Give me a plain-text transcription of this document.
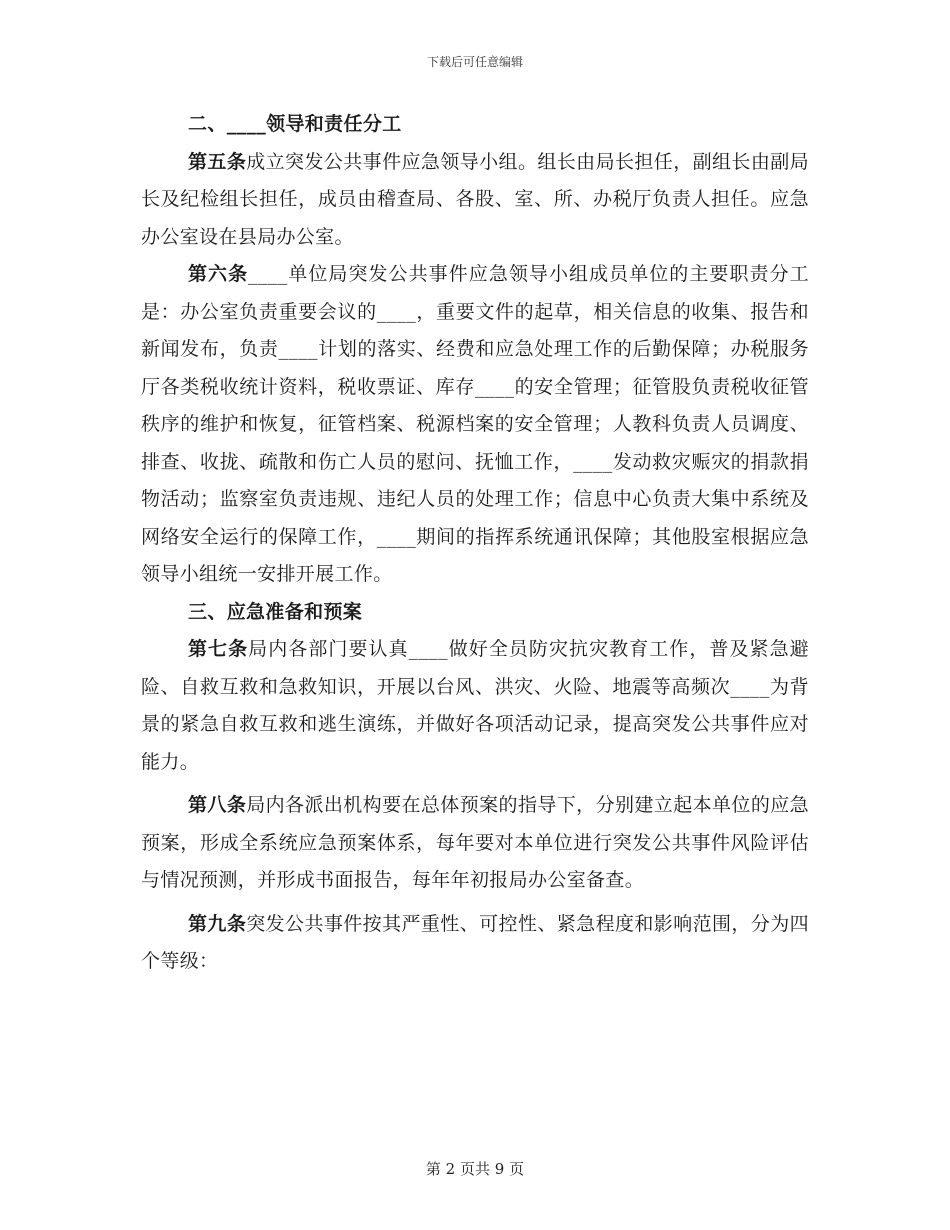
下载后可任意编辑

二、____领导和责任分工

第五条成立突发公共事件应急领导小组。组长由局长担任，副组长由副局长及纪检组长担任，成员由稽查局、各股、室、所、办税厅负责人担任。应急办公室设在县局办公室。

第六条____单位局突发公共事件应急领导小组成员单位的主要职责分工是：办公室负责重要会议的____，重要文件的起草，相关信息的收集、报告和新闻发布，负责____计划的落实、经费和应急处理工作的后勤保障；办税服务厅各类税收统计资料，税收票证、库存____的安全管理；征管股负责税收征管秩序的维护和恢复，征管档案、税源档案的安全管理；人教科负责人员调度、排查、收拢、疏散和伤亡人员的慰问、抚恤工作，____发动救灾赈灾的捐款捐物活动；监察室负责违规、违纪人员的处理工作；信息中心负责大集中系统及网络安全运行的保障工作，____期间的指挥系统通讯保障；其他股室根据应急领导小组统一安排开展工作。

三、应急准备和预案

第七条局内各部门要认真____做好全员防灾抗灾教育工作，普及紧急避险、自救互救和急救知识，开展以台风、洪灾、火险、地震等高频次____为背景的紧急自救互救和逃生演练，并做好各项活动记录，提高突发公共事件应对能力。

第八条局内各派出机构要在总体预案的指导下，分别建立起本单位的应急预案，形成全系统应急预案体系，每年要对本单位进行突发公共事件风险评估与情况预测，并形成书面报告，每年年初报局办公室备查。

第九条突发公共事件按其严重性、可控性、紧急程度和影响范围，分为四个等级：

第 2 页共 9 页
